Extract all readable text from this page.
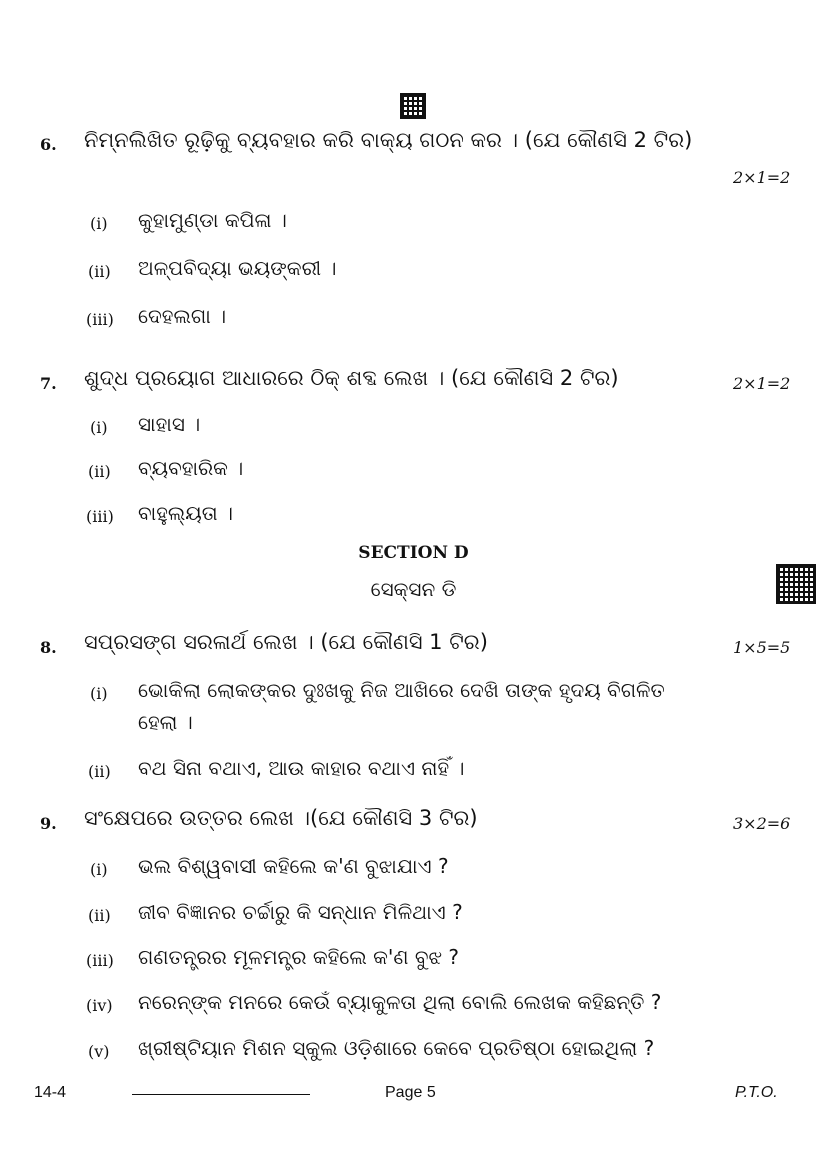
6. ନିମ୍ନଲିଖିତ ରୂଢ଼ିକୁ ବ୍ୟବହାର କରି ବାକ୍ୟ ଗଠନ କର । (ଯେ କୌଣସି 2 ଟିର)
2×1=2
(i) କୁହାମୁଣ୍ଡା କପିଳା ।
(ii) ଅଳ୍ପବିଦ୍ୟା ଭୟଙ୍କରୀ ।
(iii) ଦେହଲଗା ।
7. ଶୁଦ୍ଧ ପ୍ରୟୋଗ ଆଧାରରେ ଠିକ୍ ଶବ୍ଦ ଲେଖ । (ଯେ କୌଣସି 2 ଟିର)	2×1=2
(i) ସାହାସ ।
(ii) ବ୍ୟବହାରିକ ।
(iii) ବାହୁଲ୍ୟତା ।
SECTION D
ସେକ୍ସନ ଡି
8. ସପ୍ରସଙ୍ଗ ସରଳାର୍ଥ ଲେଖ । (ଯେ କୌଣସି 1 ଟିର)	1×5=5
(i) ଭୋକିଲା ଲୋକଙ୍କର ଦୁଃଖକୁ ନିଜ ଆଖିରେ ଦେଖି ତାଙ୍କ ହୃଦୟ ବିଗଳିତ
ହେଲା ।
(ii) ବଥ ସିନା ବଥାଏ, ଆଉ କାହାର ବଥାଏ ନାହିଁ ।
9. ସଂକ୍ଷେପରେ ଉତ୍ତର ଲେଖ ।(ଯେ କୌଣସି 3 ଟିର)	3×2=6
(i) ଭଲ ବିଶ୍ୱବାସୀ କହିଲେ କ'ଣ ବୁଝାଯାଏ ?
(ii) ଜୀବ ବିଜ୍ଞାନର ଚର୍ଚ୍ଚାରୁ କି ସନ୍ଧାନ ମିଳିଥାଏ ?
(iii) ଗଣତନ୍ତ୍ରର ମୂଳମନ୍ତ୍ର କହିଲେ କ'ଣ ବୁଝ ?
(iv) ନରେନ୍ଙ୍କ ମନରେ କେଉଁ ବ୍ୟାକୁଳତା ଥିଲା ବୋଲି ଲେଖକ କହିଛନ୍ତି ?
(v) ଖ୍ରୀଷ୍ଟିୟାନ ମିଶନ ସ୍କୁଲ ଓଡ଼ିଶାରେ କେବେ ପ୍ରତିଷ୍ଠା ହୋଇଥିଲା ?
14-4	Page 5	P.T.O.
